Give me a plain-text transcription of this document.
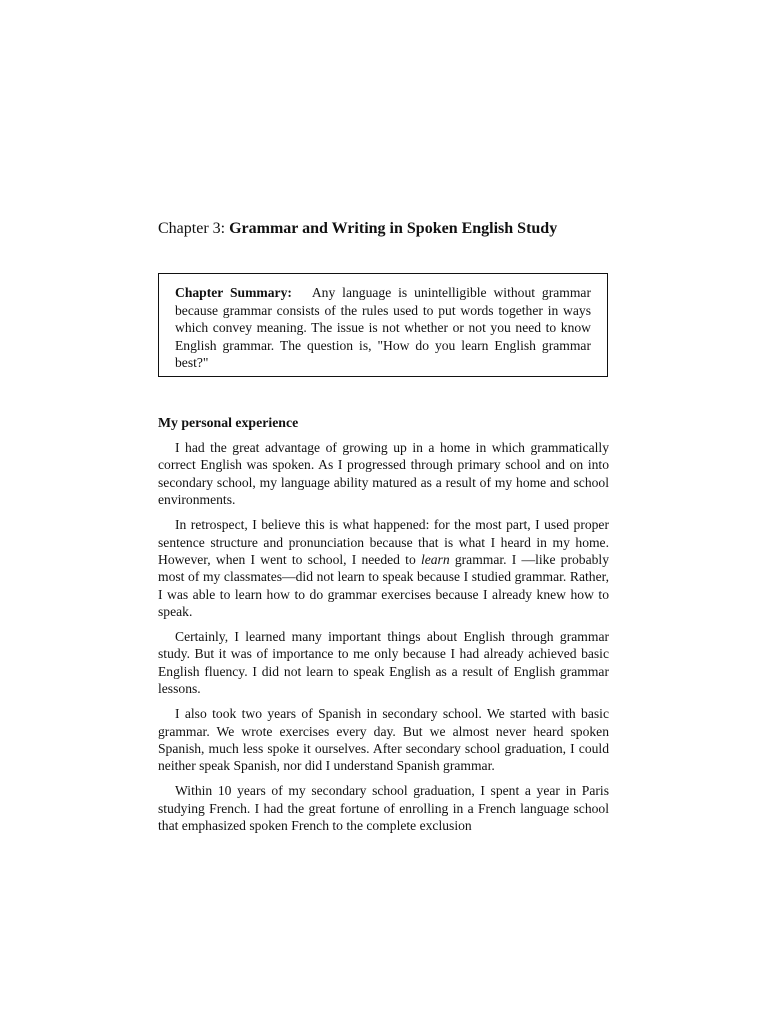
Chapter 3: Grammar and Writing in Spoken English Study

Chapter Summary: Any language is unintelligible without grammar because grammar consists of the rules used to put words together in ways which convey meaning. The issue is not whether or not you need to know English grammar. The question is, "How do you learn English grammar best?"

My personal experience

I had the great advantage of growing up in a home in which grammatically correct English was spoken. As I progressed through primary school and on into secondary school, my language ability matured as a result of my home and school environments.

In retrospect, I believe this is what happened: for the most part, I used proper sentence structure and pronunciation because that is what I heard in my home. However, when I went to school, I needed to learn grammar. I —like probably most of my classmates—did not learn to speak because I studied grammar. Rather, I was able to learn how to do grammar exercises because I already knew how to speak.

Certainly, I learned many important things about English through grammar study. But it was of importance to me only because I had already achieved basic English fluency. I did not learn to speak English as a result of English grammar lessons.

I also took two years of Spanish in secondary school. We started with basic grammar. We wrote exercises every day. But we almost never heard spoken Spanish, much less spoke it ourselves. After secondary school graduation, I could neither speak Spanish, nor did I understand Spanish grammar.

Within 10 years of my secondary school graduation, I spent a year in Paris studying French. I had the great fortune of enrolling in a French language school that emphasized spoken French to the complete exclusion
